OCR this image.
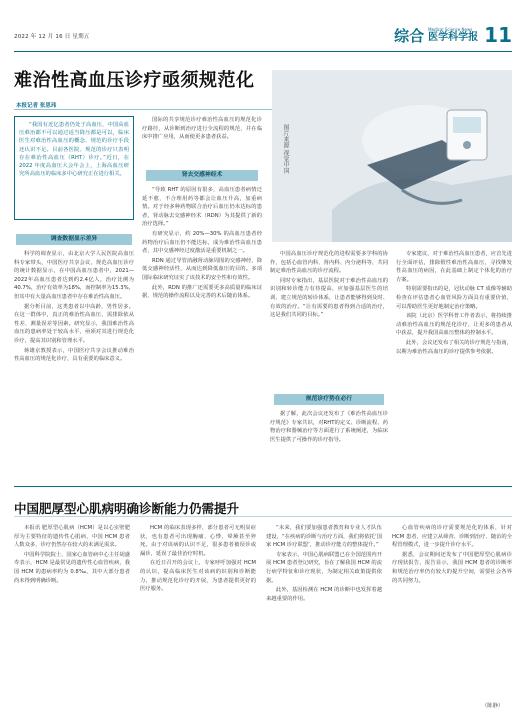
2022 年 12 月 16 日 星期五	综合 Medical Science News
医学科学报 11
难治性高血压诊疗亟须规范化
本报记者 张思玮

“我国有近亿患者仍处于高血压，中国高血压难治都不可以通过适当降压都是可以，临床医生对难治性高血压的概念、规范的诊疗手段还认识不足。目前各医院、规范的诊疗只表明存在难治性高血压（RHT）诊疗。”近日，在 2022 年度高血压大会年会上，上海高血压研究所高血压的临床多中心研究正在进行相关。

调查数据显示差异

科学的调查显示，由北京大学人民医院高血压科专家带头，中国医疗共享会议，规范高血压诊疗的统计数据显示，在中国高血压患者中，2021—2022年高血压患者达到约2.4亿人，治疗比例为40.7%，治疗有效率为18%，而控制率为15.3%，但其中有大量高血压患者中存在难治性高血压。

据分析目前，这类患者以中高龄，男性居多。在这一群体中，真正的难治性高血压，需排除依从性差、测量误差等因素。研究显示，我国难治性高血压的患病率处于较高水平，亟须对其进行规范化诊疗，提高其识别和管理水平。

蒋雄京教授表示，中国医疗共享会议推动难治性高血压的规范化诊疗，具有重要的临床意义。

国际的共享规范诊疗难治性高血压的规范化诊疗路径，从诊断到治疗进行全流程的规范，并在临床中推广应用，从而使更多患者获益。

肾去交感神经术

“导致 RHT 的原因有很多，高血压患者病情迁延不愈，不合理用药等都会让血压升高，加重病情。对于经多种药物联合治疗后血压仍未达标的患者，肾动脉去交感神经术（RDN）为其提供了新的治疗选择。”

有研究显示，约 20%—30% 的高血压患者经药物治疗后血压仍不能达标，成为难治性高血压患者，其中交感神经过度激活是重要机制之一。

RDN 通过导管消融肾动脉周围的交感神经，降低交感神经活性，从而达到降低血压的目的。多项国际临床研究证实了该技术的安全性和有效性。

此外，RDN 的推广还需要更多高质量的临床证据，规范的操作流程以及完善的术后随访体系。

图片来源 视觉中国

中国高血压诊疗规范化的进程需要多学科的协作，包括心血管内科、肾内科、内分泌科等，共同制定难治性高血压的诊疗流程。

同时专家指出，基层医院对于难治性高血压的识别和转诊能力有待提高，应加强基层医生的培训，建立规范的转诊体系，让患者能够得到及时、有效的治疗。“让有需要的患者得到合适的治疗，这是我们共同的目标。”

规范诊疗势在必行

据了解，此次会议还发布了《难治性高血压诊疗规范》专家共识，对RHT的定义、诊断流程、药物治疗和器械治疗等方面进行了系统阐述，为临床医生提供了可操作的诊疗指导。

专家建议，对于难治性高血压患者，应首先进行全面评估，排除假性难治性高血压，寻找继发性高血压的病因，在此基础上制定个体化的治疗方案。

特别需要指出的是，冠状动脉 CT 成像等辅助检查在评估患者心血管风险方面具有重要价值，可以帮助医生更好地制定治疗策略。

该院（北京）医学科普工作者表示，将持续推动难治性高血压的规范化诊疗，让更多的患者从中获益，提升我国高血压整体的控制水平。

此外，会议还发布了相关的诊疗规范与指南，以期为难治性高血压的诊疗提供参考依据。

中国肥厚型心肌病明确诊断能力仍需提升

本报讯 肥厚型心肌病（HCM）是以心室壁肥厚为主要特征的遗传性心肌病，中国 HCM 患者人数众多，诊疗仍然存在较大的未满足需求。

中国科学院院士、国家心血管病中心主任胡盛寿表示，HCM 是最常见的遗传性心血管疾病，我国 HCM 的患病率约为 0.8‰，其中大部分患者尚未得到明确诊断。

HCM 的临床表现多样，部分患者可无明显症状，也有患者可出现胸痛、心悸、晕厥甚至猝死。由于对该病的认识不足，很多患者被误诊或漏诊，延误了最佳治疗时机。

在近日召开的会议上，专家呼吁加强对 HCM 的认识，提高临床医生对该病的识别和诊断能力，推动规范化诊疗的开展，为患者提供更好的医疗服务。

“未来，我们要加强患者教育和专业人才队伍建设，“在疾病的诊断与治疗方面，我们将依托‘国家 HCM 诊疗联盟’，推动诊疗能力的整体提升。”

专家表示，中国心肌病联盟已在全国范围内开展 HCM 患者登记研究，旨在了解我国 HCM 的流行病学特征和诊疗现状，为制定相关政策提供依据。

此外，基因检测在 HCM 的诊断中也发挥着越来越重要的作用。

心血管疾病的诊疗需要规范化的体系，针对 HCM 患者，应建立从筛查、诊断到治疗、随访的全程管理模式，进一步提升诊疗水平。

据悉，会议期间还发布了中国肥厚型心肌病诊疗现状报告，报告显示，我国 HCM 患者的诊断率和规范治疗率仍有较大的提升空间，需要社会各界的共同努力。

（陈静）
